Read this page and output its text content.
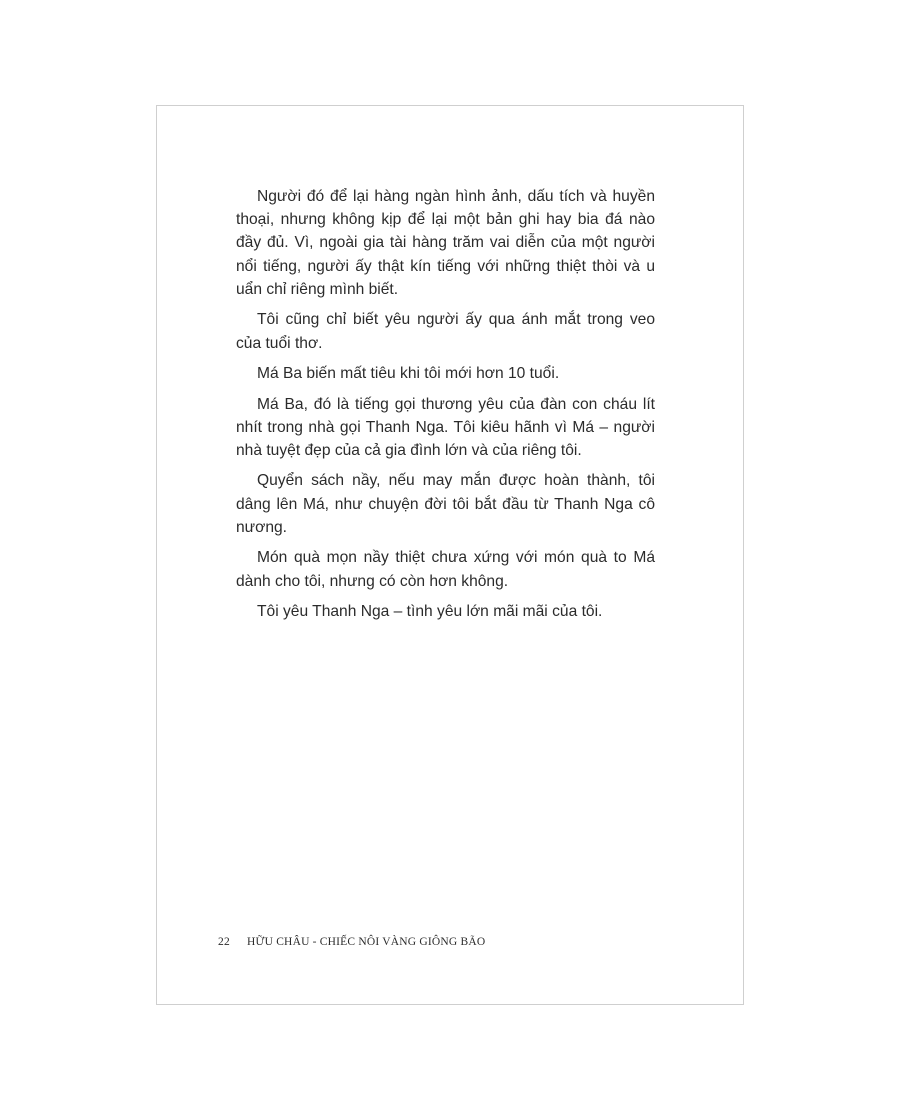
Người đó để lại hàng ngàn hình ảnh, dấu tích và huyền thoại, nhưng không kịp để lại một bản ghi hay bia đá nào đầy đủ. Vì, ngoài gia tài hàng trăm vai diễn của một người nổi tiếng, người ấy thật kín tiếng với những thiệt thòi và u uẩn chỉ riêng mình biết.

Tôi cũng chỉ biết yêu người ấy qua ánh mắt trong veo của tuổi thơ.

Má Ba biến mất tiêu khi tôi mới hơn 10 tuổi.

Má Ba, đó là tiếng gọi thương yêu của đàn con cháu lít nhít trong nhà gọi Thanh Nga. Tôi kiêu hãnh vì Má – người nhà tuyệt đẹp của cả gia đình lớn và của riêng tôi.

Quyển sách nầy, nếu may mắn được hoàn thành, tôi dâng lên Má, như chuyện đời tôi bắt đầu từ Thanh Nga cô nương.

Món quà mọn nầy thiệt chưa xứng với món quà to Má dành cho tôi, nhưng có còn hơn không.

Tôi yêu Thanh Nga – tình yêu lớn mãi mãi của tôi.

22 HỮU CHÂU - CHIẾC NÔI VÀNG GIÔNG BÃO
